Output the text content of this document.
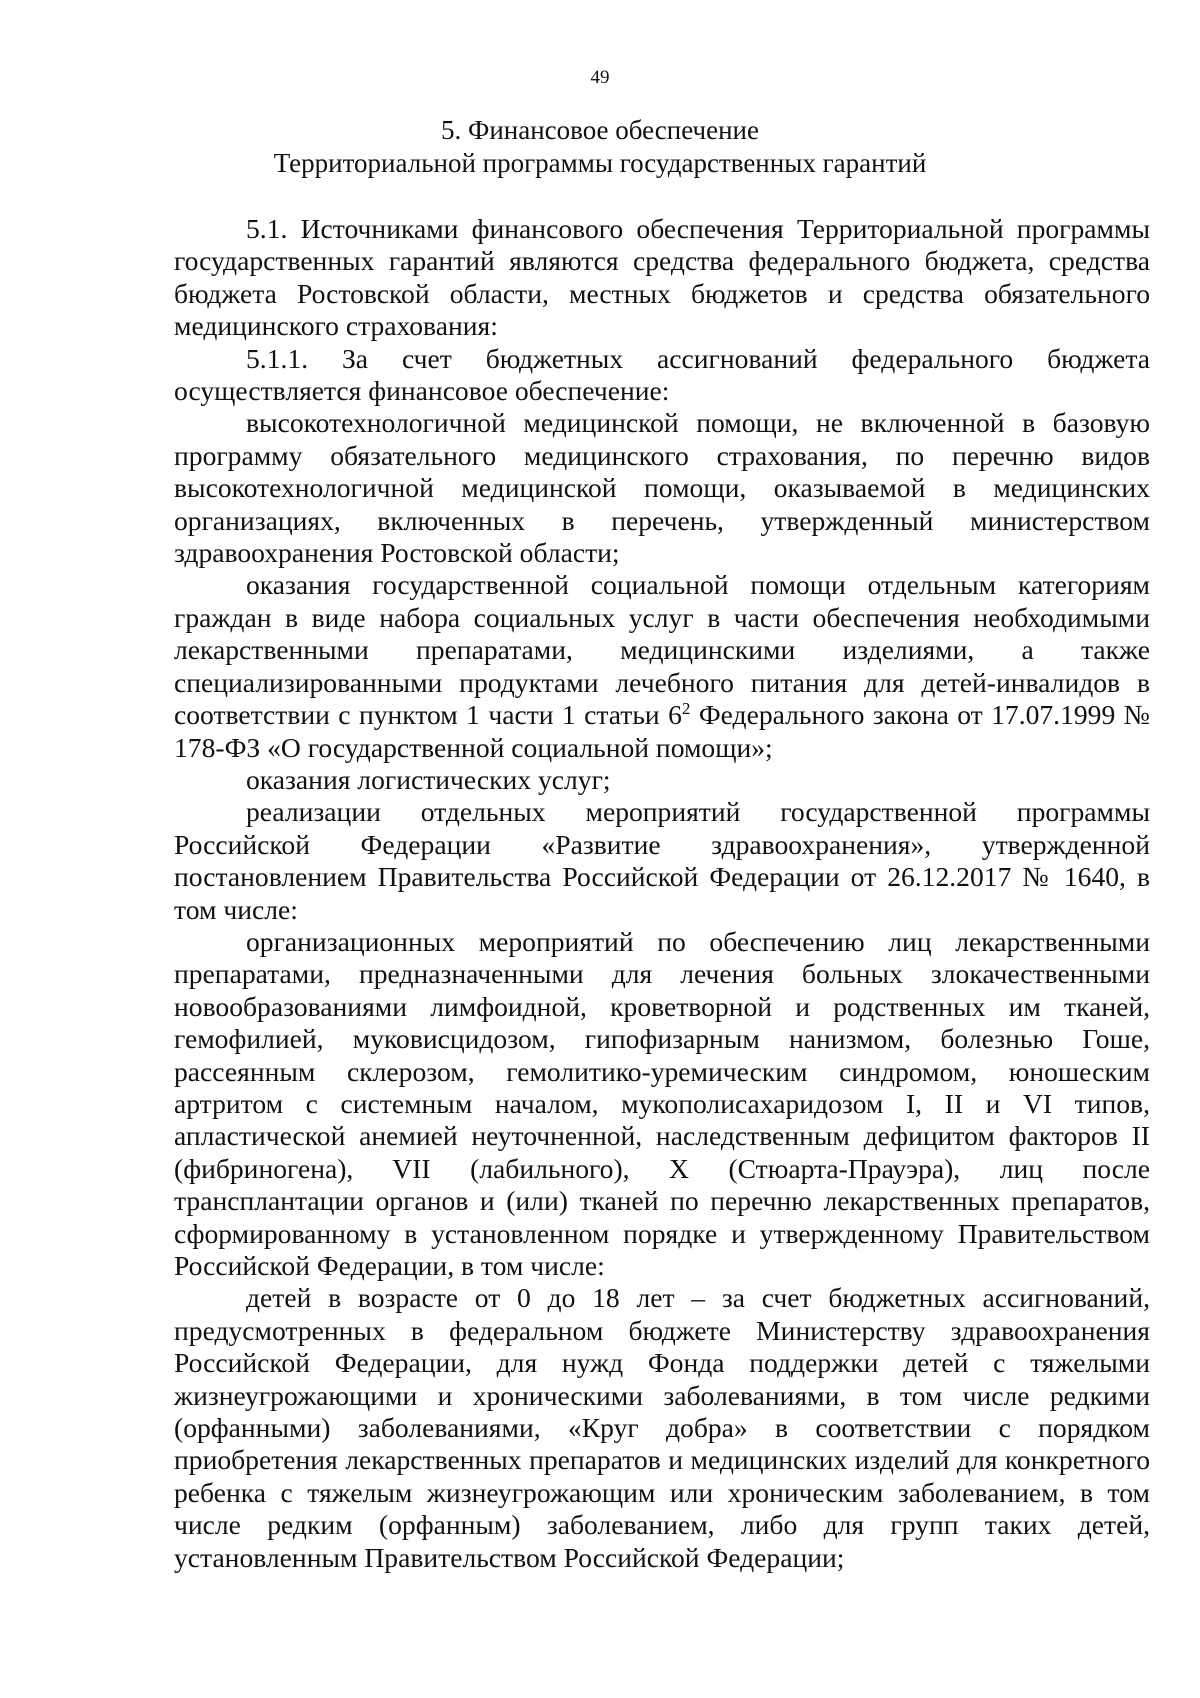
49
5. Финансовое обеспечение
Территориальной программы государственных гарантий

5.1. Источниками финансового обеспечения Территориальной программы государственных гарантий являются средства федерального бюджета, средства бюджета Ростовской области, местных бюджетов и средства обязательного медицинского страхования:

5.1.1. За счет бюджетных ассигнований федерального бюджета осуществляется финансовое обеспечение:

высокотехнологичной медицинской помощи, не включенной в базовую программу обязательного медицинского страхования, по перечню видов высокотехнологичной медицинской помощи, оказываемой в медицинских организациях, включенных в перечень, утвержденный министерством здравоохранения Ростовской области;

оказания государственной социальной помощи отдельным категориям граждан в виде набора социальных услуг в части обеспечения необходимыми лекарственными препаратами, медицинскими изделиями, а также специализированными продуктами лечебного питания для детей-инвалидов в соответствии с пунктом 1 части 1 статьи $6^2$ Федерального закона от 17.07.1999 № 178-ФЗ «О государственной социальной помощи»;

оказания логистических услуг;

реализации отдельных мероприятий государственной программы Российской Федерации «Развитие здравоохранения», утвержденной постановлением Правительства Российской Федерации от 26.12.2017 № 1640, в том числе:

организационных мероприятий по обеспечению лиц лекарственными препаратами, предназначенными для лечения больных злокачественными новообразованиями лимфоидной, кроветворной и родственных им тканей, гемофилией, муковисцидозом, гипофизарным нанизмом, болезнью Гоше, рассеянным склерозом, гемолитико-уремическим синдромом, юношеским артритом с системным началом, мукополисахаридозом I, II и VI типов, апластической анемией неуточненной, наследственным дефицитом факторов II (фибриногена), VII (лабильного), X (Стюарта-Прауэра), лиц после трансплантации органов и (или) тканей по перечню лекарственных препаратов, сформированному в установленном порядке и утвержденному Правительством Российской Федерации, в том числе:

детей в возрасте от 0 до 18 лет – за счет бюджетных ассигнований, предусмотренных в федеральном бюджете Министерству здравоохранения Российской Федерации, для нужд Фонда поддержки детей с тяжелыми жизнеугрожающими и хроническими заболеваниями, в том числе редкими (орфанными) заболеваниями, «Круг добра» в соответствии с порядком приобретения лекарственных препаратов и медицинских изделий для конкретного ребенка с тяжелым жизнеугрожающим или хроническим заболеванием, в том числе редким (орфанным) заболеванием, либо для групп таких детей, установленным Правительством Российской Федерации;
